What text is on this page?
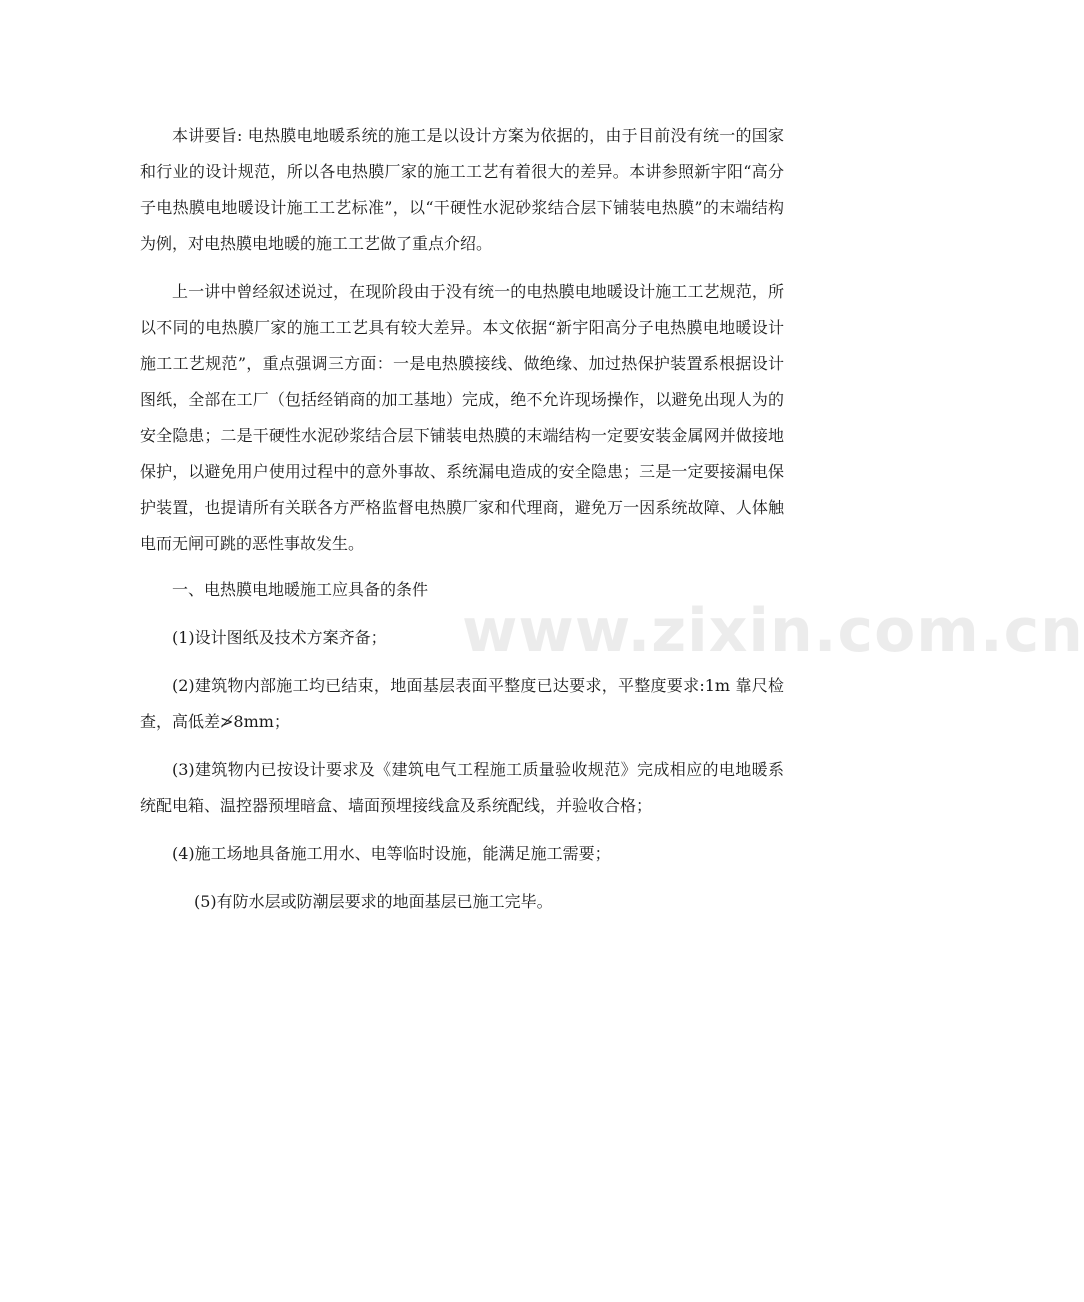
本讲要旨: 电热膜电地暖系统的施工是以设计方案为依据的，由于目前没有统一的国家和行业的设计规范，所以各电热膜厂家的施工工艺有着很大的差异。本讲参照新宇阳“高分子电热膜电地暖设计施工工艺标准”，以“干硬性水泥砂浆结合层下铺装电热膜”的末端结构为例，对电热膜电地暖的施工工艺做了重点介绍。

上一讲中曾经叙述说过，在现阶段由于没有统一的电热膜电地暖设计施工工艺规范，所以不同的电热膜厂家的施工工艺具有较大差异。本文依据“新宇阳高分子电热膜电地暖设计施工工艺规范”，重点强调三方面：一是电热膜接线、做绝缘、加过热保护装置系根据设计图纸，全部在工厂（包括经销商的加工基地）完成，绝不允许现场操作，以避免出现人为的安全隐患；二是干硬性水泥砂浆结合层下铺装电热膜的末端结构一定要安装金属网并做接地保护，以避免用户使用过程中的意外事故、系统漏电造成的安全隐患；三是一定要接漏电保护装置，也提请所有关联各方严格监督电热膜厂家和代理商，避免万一因系统故障、人体触电而无闸可跳的恶性事故发生。

一、电热膜电地暖施工应具备的条件

(1)设计图纸及技术方案齐备；

(2)建筑物内部施工均已结束，地面基层表面平整度已达要求，平整度要求:1m 靠尺检查，高低差≯8mm；

(3)建筑物内已按设计要求及《建筑电气工程施工质量验收规范》完成相应的电地暖系统配电箱、温控器预埋暗盒、墙面预埋接线盒及系统配线，并验收合格；

(4)施工场地具备施工用水、电等临时设施，能满足施工需要；

(5)有防水层或防潮层要求的地面基层已施工完毕。

www.zixin.com.cn
